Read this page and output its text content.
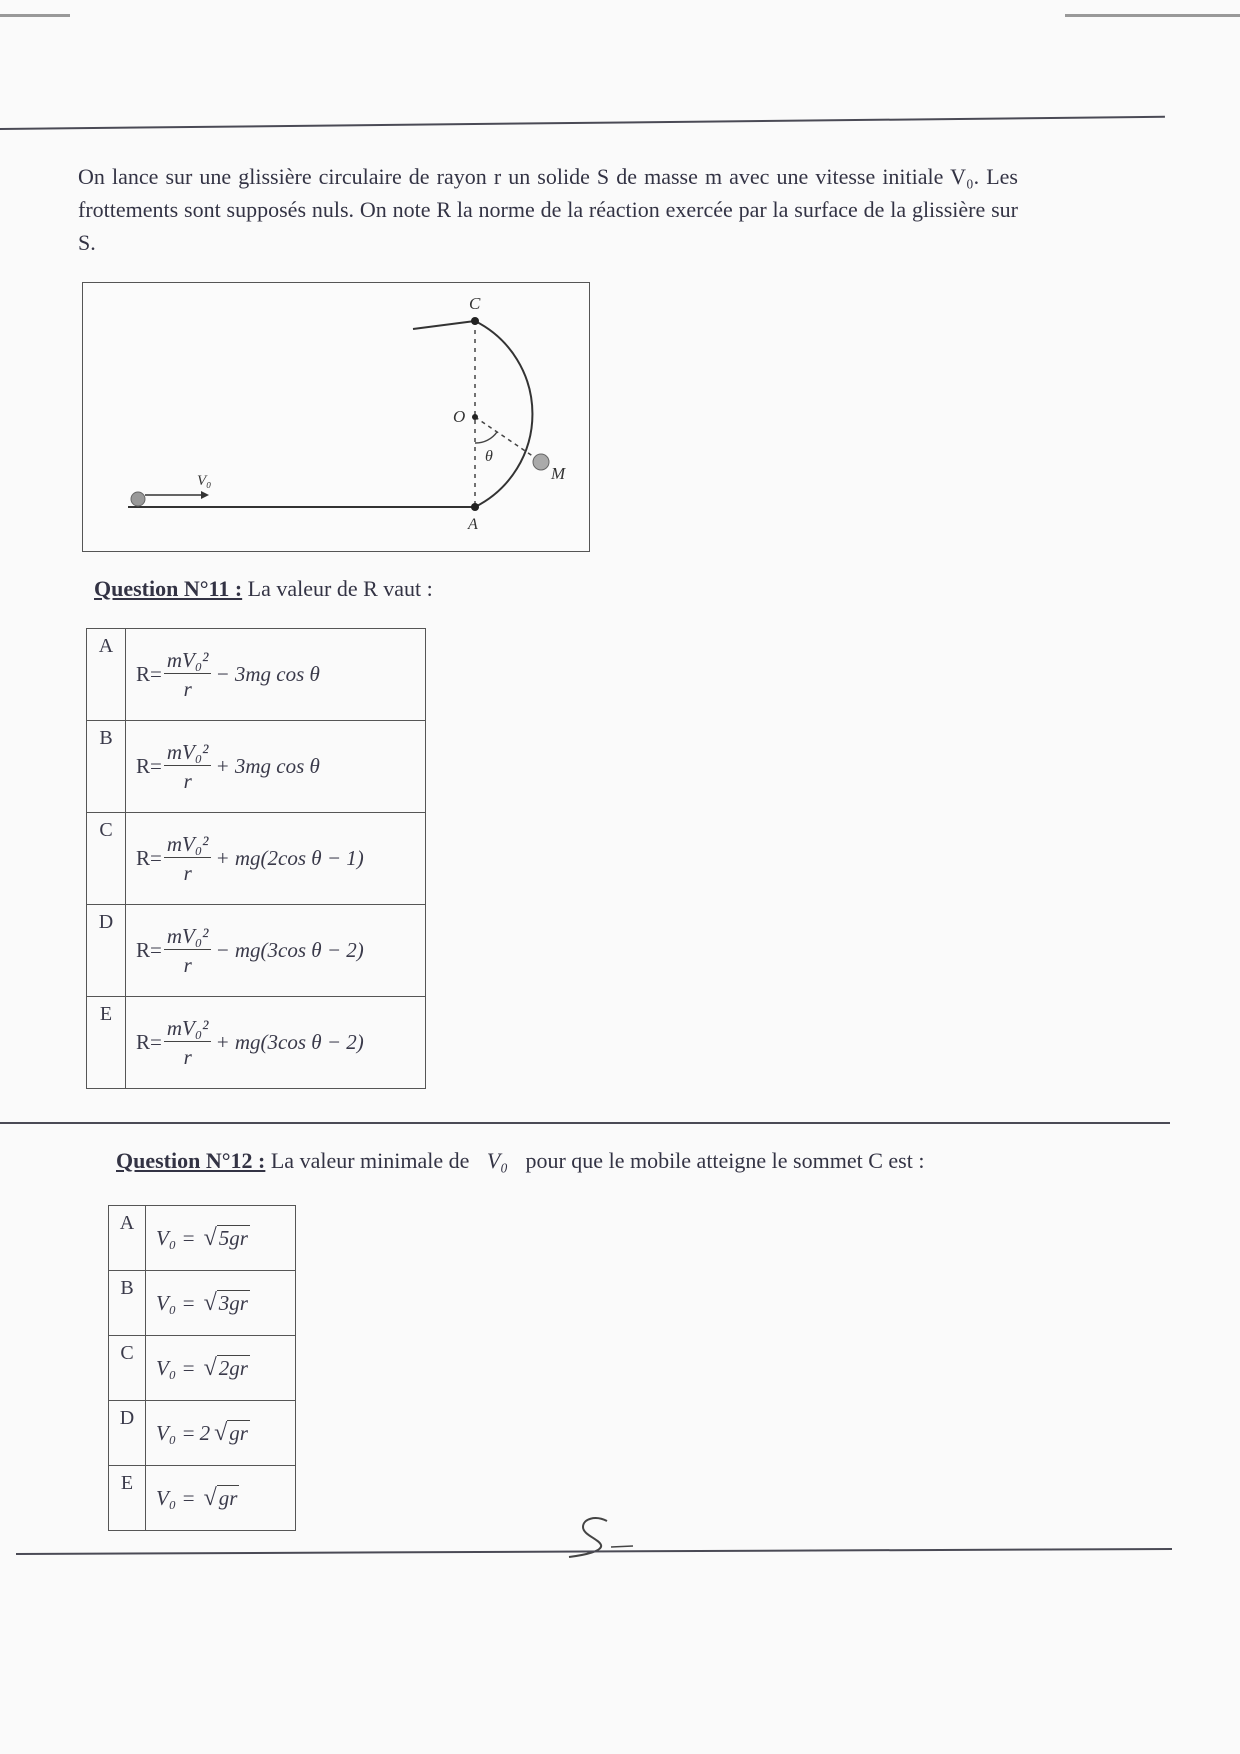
On lance sur une glissière circulaire de rayon r un solide S de masse m avec une vitesse initiale V₀. Les frottements sont supposés nuls. On note R la norme de la réaction exercée par la surface de la glissière sur S.
C
O
θ
M
A
V₀
Question N°11 : La valeur de R vaut :
A	$R= \frac{\text{mV₀²}}{r} - 3mg$ cos θ

B	$R= \frac{\text{mV₀²}}{r} + 3mg$ cos θ

C	$R= \frac{\text{mV₀²}}{r} + mg(2\cos$ θ − 1)

D	$R= \frac{\text{mV₀²}}{r} - mg(3\cos$ θ − 2)

E	$R= \frac{\text{mV₀²}}{r} + mg(3\cos$ θ − 2)
Question N°12 : La valeur minimale de V₀ pour que le mobile atteigne le sommet C est :
A	V₀ = √ 5gr

B	V₀ = √ 3gr

C	V₀ = √ 2gr

D	V₀ = 2 √ gr

E	V₀ = √ gr
